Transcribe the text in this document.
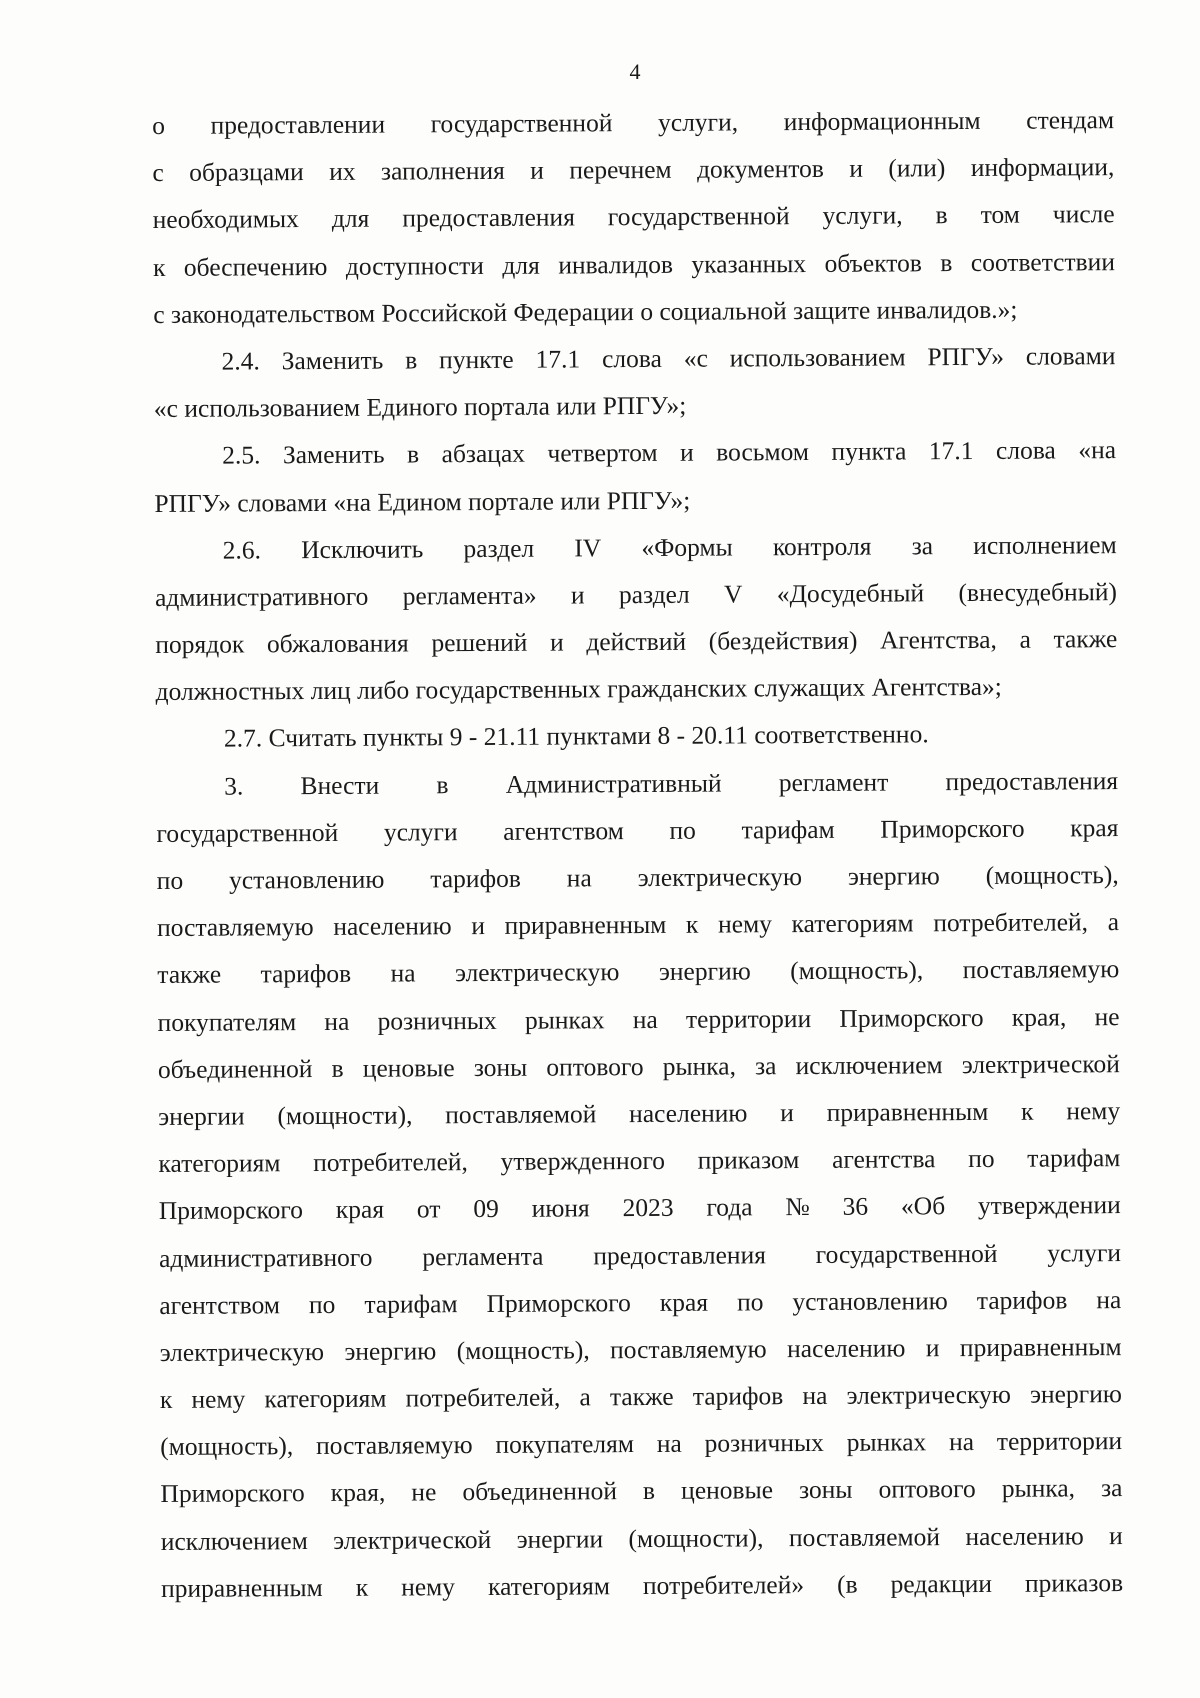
4
о предоставлении государственной услуги, информационным стендам
с образцами их заполнения и перечнем документов и (или) информации,
необходимых для предоставления государственной услуги, в том числе
к обеспечению доступности для инвалидов указанных объектов в соответствии
с законодательством Российской Федерации о социальной защите инвалидов.»;
2.4. Заменить в пункте 17.1 слова «с использованием РПГУ» словами
«с использованием Единого портала или РПГУ»;
2.5. Заменить в абзацах четвертом и восьмом пункта 17.1 слова «на
РПГУ» словами «на Едином портале или РПГУ»;
2.6. Исключить раздел IV «Формы контроля за исполнением
административного регламента» и раздел V «Досудебный (внесудебный)
порядок обжалования решений и действий (бездействия) Агентства, а также
должностных лиц либо государственных гражданских служащих Агентства»;
2.7. Считать пункты 9 - 21.11 пунктами 8 - 20.11 соответственно.
3. Внести в Административный регламент предоставления
государственной услуги агентством по тарифам Приморского края
по установлению тарифов на электрическую энергию (мощность),
поставляемую населению и приравненным к нему категориям потребителей, а
также тарифов на электрическую энергию (мощность), поставляемую
покупателям на розничных рынках на территории Приморского края, не
объединенной в ценовые зоны оптового рынка, за исключением электрической
энергии (мощности), поставляемой населению и приравненным к нему
категориям потребителей, утвержденного приказом агентства по тарифам
Приморского края от 09 июня 2023 года № 36 «Об утверждении
административного регламента предоставления государственной услуги
агентством по тарифам Приморского края по установлению тарифов на
электрическую энергию (мощность), поставляемую населению и приравненным
к нему категориям потребителей, а также тарифов на электрическую энергию
(мощность), поставляемую покупателям на розничных рынках на территории
Приморского края, не объединенной в ценовые зоны оптового рынка, за
исключением электрической энергии (мощности), поставляемой населению и
приравненным к нему категориям потребителей» (в редакции приказов
